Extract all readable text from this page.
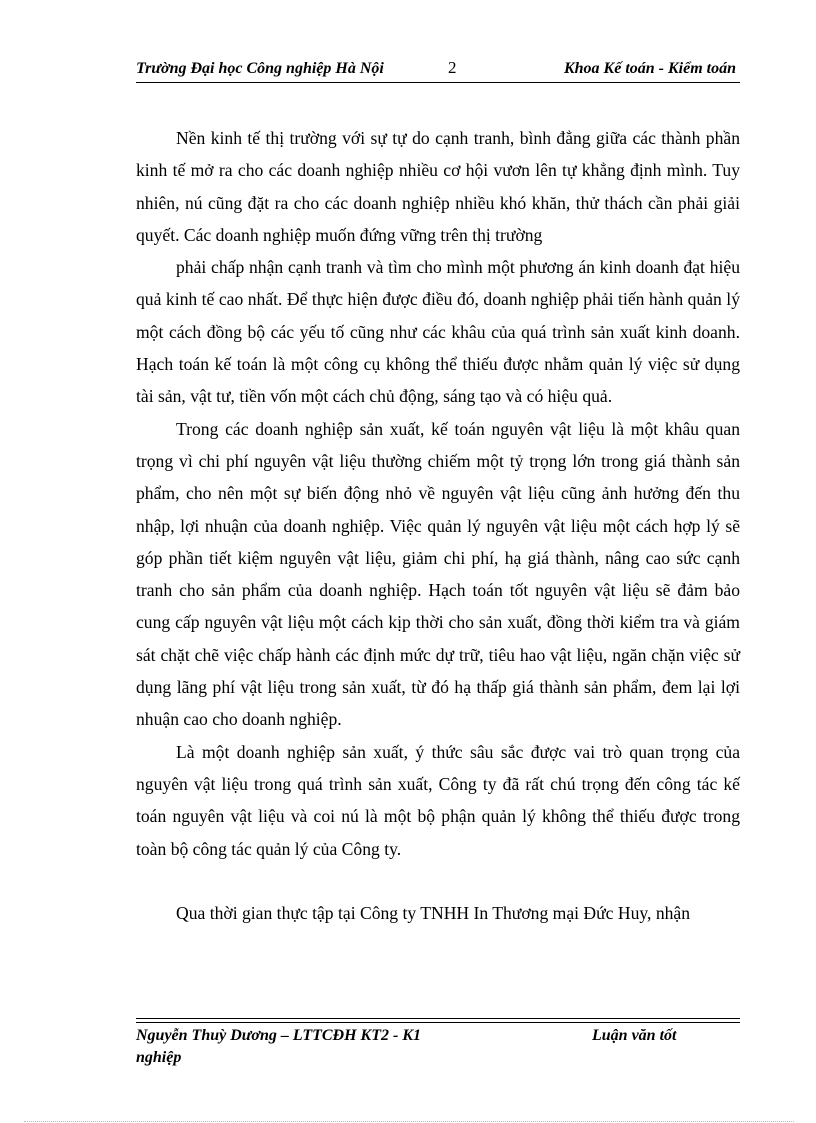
Trường Đại học Công nghiệp Hà Nội	2	Khoa Kế toán - Kiểm toán

Nền kinh tế thị trường với sự tự do cạnh tranh, bình đẳng giữa các thành phần kinh tế mở ra cho các doanh nghiệp nhiều cơ hội vươn lên tự khẳng định mình. Tuy nhiên, nú cũng đặt ra cho các doanh nghiệp nhiều khó khăn, thử thách cần phải giải quyết. Các doanh nghiệp muốn đứng vững trên thị trường

phải chấp nhận cạnh tranh và tìm cho mình một phương án kinh doanh đạt hiệu quả kinh tế cao nhất. Để thực hiện được điều đó, doanh nghiệp phải tiến hành quản lý một cách đồng bộ các yếu tố cũng như các khâu của quá trình sản xuất kinh doanh. Hạch toán kế toán là một công cụ không thể thiếu được nhằm quản lý việc sử dụng tài sản, vật tư, tiền vốn một cách chủ động, sáng tạo và có hiệu quả.

Trong các doanh nghiệp sản xuất, kế toán nguyên vật liệu là một khâu quan trọng vì chi phí nguyên vật liệu thường chiếm một tỷ trọng lớn trong giá thành sản phẩm, cho nên một sự biến động nhỏ về nguyên vật liệu cũng ảnh hưởng đến thu nhập, lợi nhuận của doanh nghiệp. Việc quản lý nguyên vật liệu một cách hợp lý sẽ góp phần tiết kiệm nguyên vật liệu, giảm chi phí, hạ giá thành, nâng cao sức cạnh tranh cho sản phẩm của doanh nghiệp. Hạch toán tốt nguyên vật liệu sẽ đảm bảo cung cấp nguyên vật liệu một cách kịp thời cho sản xuất, đồng thời kiểm tra và giám sát chặt chẽ việc chấp hành các định mức dự trữ, tiêu hao vật liệu, ngăn chặn việc sử dụng lãng phí vật liệu trong sản xuất, từ đó hạ thấp giá thành sản phẩm, đem lại lợi nhuận cao cho doanh nghiệp.

Là một doanh nghiệp sản xuất, ý thức sâu sắc được vai trò quan trọng của nguyên vật liệu trong quá trình sản xuất, Công ty đã rất chú trọng đến công tác kế toán nguyên vật liệu và coi nú là một bộ phận quản lý không thể thiếu được trong toàn bộ công tác quản lý của Công ty.

Qua thời gian thực tập tại Công ty TNHH In Thương mại Đức Huy, nhận

Nguyễn Thuỳ Dương – LTTCĐH KT2 - K1	Luận văn tốt
nghiệp
